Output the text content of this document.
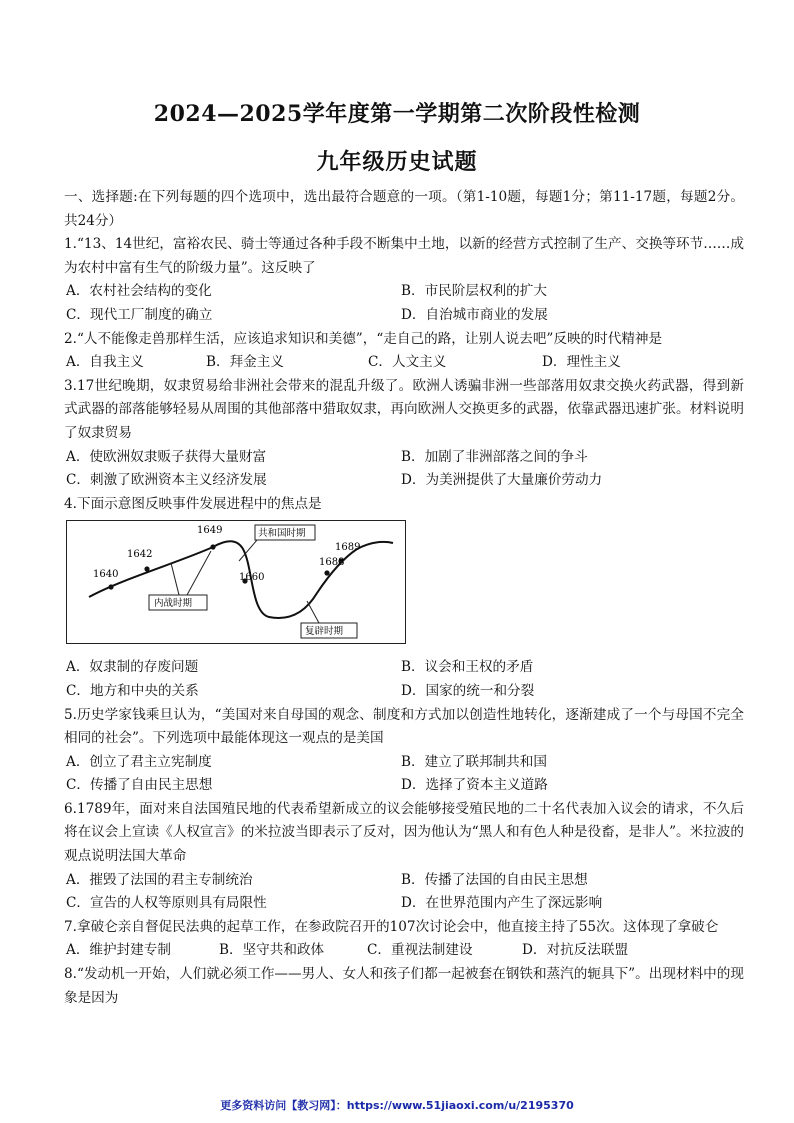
2024—2025学年度第一学期第二次阶段性检测
九年级历史试题

一、选择题:在下列每题的四个选项中，选出最符合题意的一项。（第1-10题，每题1分；第11-17题，每题2分。共24分）

1.“13、14世纪，富裕农民、骑士等通过各种手段不断集中土地，以新的经营方式控制了生产、交换等环节……成为农村中富有生气的阶级力量”。这反映了

A．农村社会结构的变化	B．市民阶层权利的扩大
C．现代工厂制度的确立	D．自治城市商业的发展

2.“人不能像走兽那样生活，应该追求知识和美德”，“走自己的路，让别人说去吧”反映的时代精神是

A．自我主义	B．拜金主义	C．人文主义	D．理性主义

3.17世纪晚期，奴隶贸易给非洲社会带来的混乱升级了。欧洲人诱骗非洲一些部落用奴隶交换火药武器，得到新式武器的部落能够轻易从周围的其他部落中猎取奴隶，再向欧洲人交换更多的武器，依靠武器迅速扩张。材料说明了奴隶贸易

A．使欧洲奴隶贩子获得大量财富	B．加剧了非洲部落之间的争斗
C．刺激了欧洲资本主义经济发展	D．为美洲提供了大量廉价劳动力

4.下面示意图反映事件发展进程中的焦点是

1640
1642
1649
1660
1688
1689
共和国时期
内战时期
复辟时期
A．奴隶制的存废问题	B．议会和王权的矛盾
C．地方和中央的关系	D．国家的统一和分裂

5.历史学家钱乘旦认为，“美国对来自母国的观念、制度和方式加以创造性地转化，逐渐建成了一个与母国不完全相同的社会”。下列选项中最能体现这一观点的是美国

A．创立了君主立宪制度	B．建立了联邦制共和国
C．传播了自由民主思想	D．选择了资本主义道路

6.1789年，面对来自法国殖民地的代表希望新成立的议会能够接受殖民地的二十名代表加入议会的请求，不久后将在议会上宣读《人权宣言》的米拉波当即表示了反对，因为他认为“黑人和有色人种是役畜，是非人”。米拉波的观点说明法国大革命

A．摧毁了法国的君主专制统治	B．传播了法国的自由民主思想
C．宣告的人权等原则具有局限性	D．在世界范围内产生了深远影响

7.拿破仑亲自督促民法典的起草工作，在参政院召开的107次讨论会中，他直接主持了55次。这体现了拿破仑

A．维护封建专制	B．坚守共和政体	C．重视法制建设	D．对抗反法联盟

8.“发动机一开始，人们就必须工作——男人、女人和孩子们都一起被套在钢铁和蒸汽的轭具下”。出现材料中的现象是因为

更多资料访问【教习网】：https://www.51jiaoxi.com/u/2195370
